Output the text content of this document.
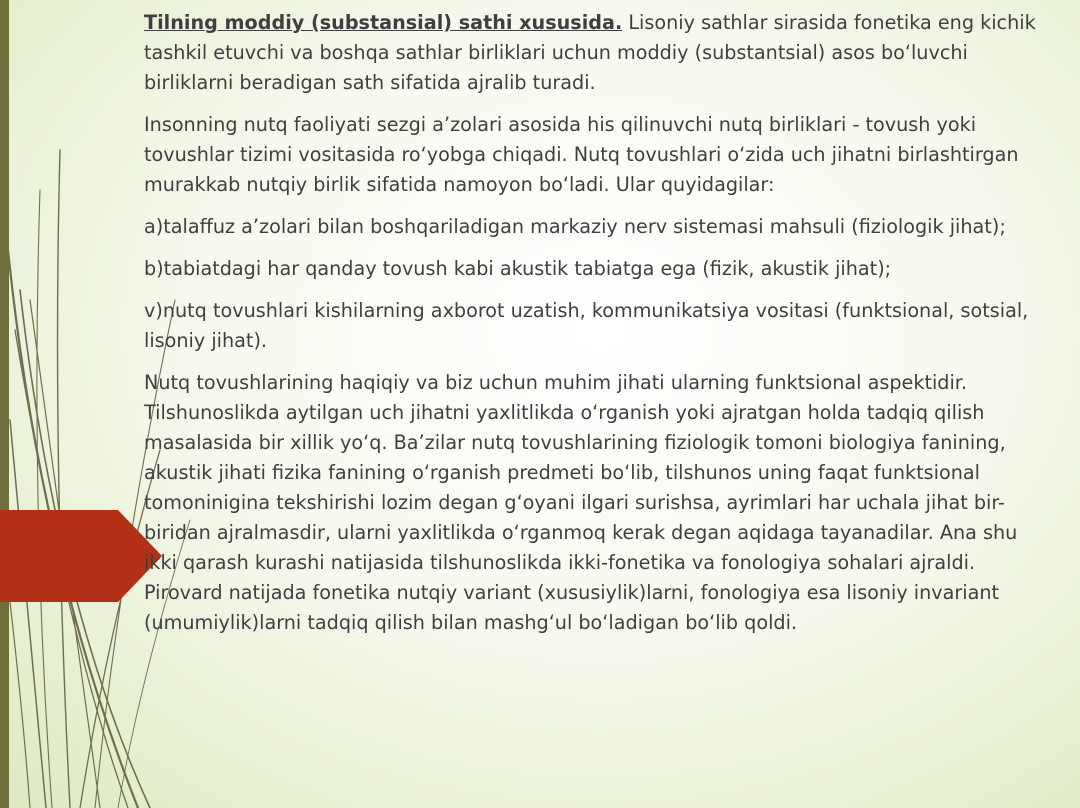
Tilning moddiy (substansial) sathi xususida. Lisoniy sathlar sirasida fonetika eng kichik tashkil etuvchi va boshqa sathlar birliklari uchun moddiy (substantsial) asos bo‘luvchi birliklarni beradigan sath sifatida ajralib turadi.

Insonning nutq faoliyati sezgi a’zolari asosida his qilinuvchi nutq birliklari - tovush yoki tovushlar tizimi vositasida ro‘yobga chiqadi. Nutq tovushlari o‘zida uch jihatni birlashtirgan murakkab nutqiy birlik sifatida namoyon bo‘ladi. Ular quyidagilar:

a)talaffuz a’zolari bilan boshqariladigan markaziy nerv sistemasi mahsuli (fiziologik jihat);

b)tabiatdagi har qanday tovush kabi akustik tabiatga ega (fizik, akustik jihat);

v)nutq tovushlari kishilarning axborot uzatish, kommunikatsiya vositasi (funktsional, sotsial, lisoniy jihat).

Nutq tovushlarining haqiqiy va biz uchun muhim jihati ularning funktsional aspektidir. Tilshunoslikda aytilgan uch jihatni yaxlitlikda o‘rganish yoki ajratgan holda tadqiq qilish masalasida bir xillik yo‘q. Ba’zilar nutq tovushlarining fiziologik tomoni biologiya fanining, akustik jihati fizika fanining o‘rganish predmeti bo‘lib, tilshunos uning faqat funktsional tomoninigina tekshirishi lozim degan g‘oyani ilgari surishsa, ayrimlari har uchala jihat bir-biridan ajralmasdir, ularni yaxlitlikda o‘rganmoq kerak degan aqidaga tayanadilar. Ana shu ikki qarash kurashi natijasida tilshunoslikda ikki-fonetika va fonologiya sohalari ajraldi. Pirovard natijada fonetika nutqiy variant (xususiylik)larni, fonologiya esa lisoniy invariant (umumiylik)larni tadqiq qilish bilan mashg‘ul bo‘ladigan bo‘lib qoldi.
